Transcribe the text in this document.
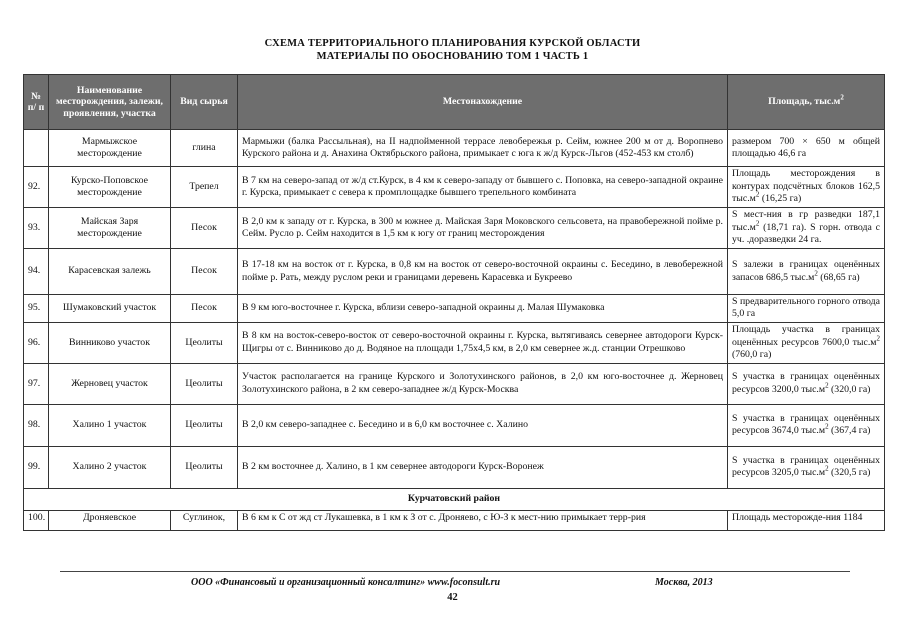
СХЕМА ТЕРРИТОРИАЛЬНОГО ПЛАНИРОВАНИЯ КУРСКОЙ ОБЛАСТИ
МАТЕРИАЛЫ ПО ОБОСНОВАНИЮ ТОМ 1 ЧАСТЬ 1
№ п/ п	Наименование месторождения, залежи, проявления, участка	Вид сырья	Местонахождение	Площадь, $тыс.м^2$
	Мармыжское месторождение	глина	Мармыжи (балка Рассыльная), на II надпойменной террасе левобережья р. Сейм, южнее 200 м от д. Воропнево Курского района и д. Анахина Октябрьского района, примыкает с юга к ж/д Курск-Льгов (452-453 км столб)	размером 700 × 650 м общей площадью 46,6 га
92.	Курско-Поповское месторождение	Трепел	В 7 км на северо-запад от ж/д ст.Курск, в 4 км к северо-западу от бывшего с. Поповка, на северо-западной окраине г. Курска, примыкает с севера к промплощадке бывшего трепельного комбината	Площадь месторождения в контурах подсчётных блоков 162,5 $тыс.м^2$ (16,25 га)
93.	Майская Заря месторождение	Песок	В 2,0 км к западу от г. Курска, в 300 м южнее д. Майская Заря Моковского сельсовета, на правобережной пойме р. Сейм. Русло р. Сейм находится в 1,5 км к югу от границ месторождения	S мест-ния в гр разведки 187,1 $тыс.м^2$ (18,71 га). S горн. отвода с уч. .доразведки 24 га.
94.	Карасевская залежь	Песок	В 17-18 км на восток от г. Курска, в 0,8 км на восток от северо-восточной окраины с. Беседино, в левобережной пойме р. Рать, между руслом реки и границами деревень Карасевка и Букреево	S залежи в границах оценённых запасов 686,5 $тыс.м^2$ (68,65 га)
95.	Шумаковский участок	Песок	В 9 км юго-восточнее г. Курска, вблизи северо-западной окраины д. Малая Шумаковка	S предварительного горного отвода 5,0 га
96.	Винниково участок	Цеолиты	В 8 км на восток-северо-восток от северо-восточной окраины г. Курска, вытягиваясь севернее автодороги Курск-Щигры от с. Винниково до д. Водяное на площади 1,75х4,5 км, в 2,0 км севернее ж.д. станции Отрешково	Площадь участка в границах оценённых ресурсов 7600,0 $тыс.м^2$ (760,0 га)
97.	Жерновец участок	Цеолиты	Участок располагается на границе Курского и Золотухинского районов, в 2,0 км юго-восточнее д. Жерновец Золотухинского района, в 2 км северо-западнее ж/д Курск-Москва	S участка в границах оценённых ресурсов 3200,0 $тыс.м^2$ (320,0 га)
98.	Халино 1 участок	Цеолиты	В 2,0 км северо-западнее с. Беседино и в 6,0 км восточнее с. Халино	S участка в границах оценённых ресурсов 3674,0 $тыс.м^2$ (367,4 га)
99.	Халино 2 участок	Цеолиты	В 2 км восточнее д. Халино, в 1 км севернее автодороги Курск-Воронеж	S участка в границах оценённых ресурсов 3205,0 $тыс.м^2$ (320,5 га)
Курчатовский район				
100.	Дроняевское	Суглинок,	В 6 км к С от жд ст Лукашевка, в 1 км к З от с. Дроняево, с Ю-З к мест-нию примыкает терр-рия	Площадь месторожде-ния 1184
ООО «Финансовый и организационный консалтинг» www.foconsult.ru	Москва, 2013
42
